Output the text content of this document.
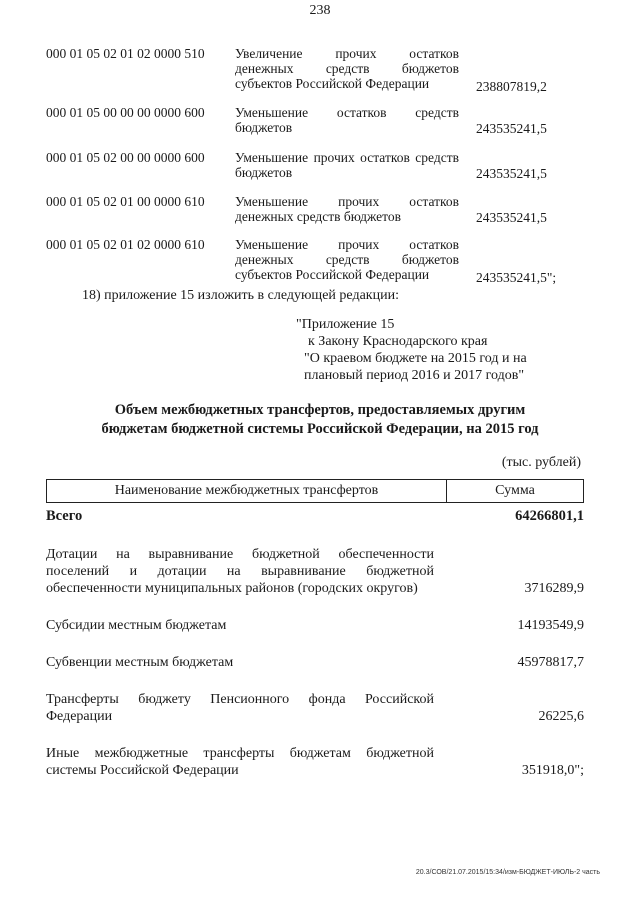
238
000 01 05 02 01 02 0000 510 Увеличение прочих остатков денежных средств бюджетов субъектов Российской Федерации	238807819,2
000 01 05 00 00 00 0000 600 Уменьшение остатков средств бюджетов	243535241,5
000 01 05 02 00 00 0000 600 Уменьшение прочих остатков средств бюджетов	243535241,5
000 01 05 02 01 00 0000 610 Уменьшение прочих остатков денежных средств бюджетов	243535241,5
000 01 05 02 01 02 0000 610 Уменьшение прочих остатков денежных средств бюджетов субъектов Российской Федерации	243535241,5";
18) приложение 15 изложить в следующей редакции:
"Приложение 15
к Закону Краснодарского края
"О краевом бюджете на 2015 год и на
плановый период 2016 и 2017 годов"
Объем межбюджетных трансфертов, предоставляемых другим
бюджетам бюджетной системы Российской Федерации, на 2015 год
(тыс. рублей)
Наименование межбюджетных трансфертов	Сумма
Всего	64266801,1
Дотации на выравнивание бюджетной обеспеченности поселений и дотации на выравнивание бюджетной обеспеченности муниципальных районов (городских округов)	3716289,9
Субсидии местным бюджетам	14193549,9
Субвенции местным бюджетам	45978817,7
Трансферты бюджету Пенсионного фонда Российской Федерации	26225,6
Иные межбюджетные трансферты бюджетам бюджетной системы Российской Федерации	351918,0";
20.3/СОВ/21.07.2015/15:34/изм-БЮДЖЕТ-ИЮЛЬ-2 часть
